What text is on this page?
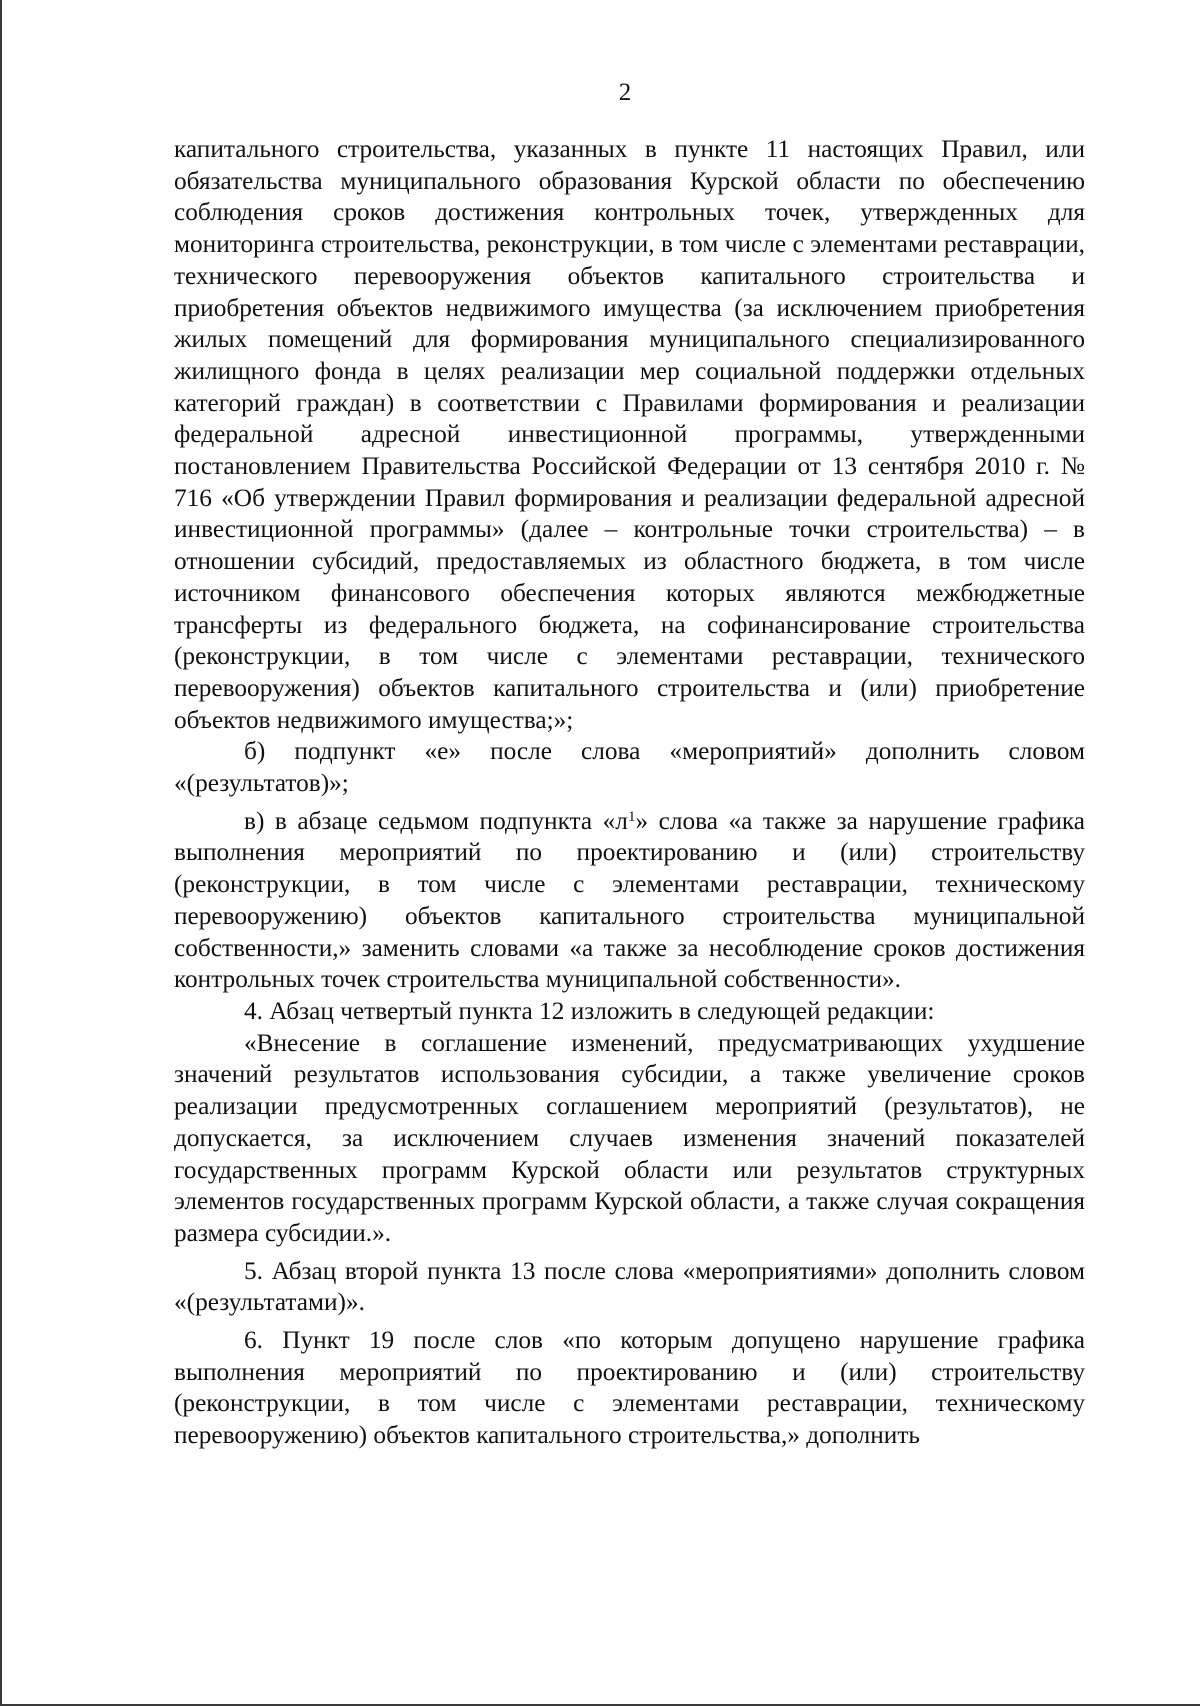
2

капитального строительства, указанных в пункте 11 настоящих Правил, или обязательства муниципального образования Курской области по обеспечению соблюдения сроков достижения контрольных точек, утвержденных для мониторинга строительства, реконструкции, в том числе с элементами реставрации, технического перевооружения объектов капитального строительства и приобретения объектов недвижимого имущества (за исключением приобретения жилых помещений для формирования муниципального специализированного жилищного фонда в целях реализации мер социальной поддержки отдельных категорий граждан) в соответствии с Правилами формирования и реализации федеральной адресной инвестиционной программы, утвержденными постановлением Правительства Российской Федерации от 13 сентября 2010 г. № 716 «Об утверждении Правил формирования и реализации федеральной адресной инвестиционной программы» (далее – контрольные точки строительства) – в отношении субсидий, предоставляемых из областного бюджета, в том числе источником финансового обеспечения которых являются межбюджетные трансферты из федерального бюджета, на софинансирование строительства (реконструкции, в том числе с элементами реставрации, технического перевооружения) объектов капитального строительства и (или) приобретение объектов недвижимого имущества;»;

б) подпункт «е» после слова «мероприятий» дополнить словом «(результатов)»;

в) в абзаце седьмом подпункта «$л^1$» слова «а также за нарушение графика выполнения мероприятий по проектированию и (или) строительству (реконструкции, в том числе с элементами реставрации, техническому перевооружению) объектов капитального строительства муниципальной собственности,» заменить словами «а также за несоблюдение сроков достижения контрольных точек строительства муниципальной собственности».

4. Абзац четвертый пункта 12 изложить в следующей редакции:

«Внесение в соглашение изменений, предусматривающих ухудшение значений результатов использования субсидии, а также увеличение сроков реализации предусмотренных соглашением мероприятий (результатов), не допускается, за исключением случаев изменения значений показателей государственных программ Курской области или результатов структурных элементов государственных программ Курской области, а также случая сокращения размера субсидии.».

5. Абзац второй пункта 13 после слова «мероприятиями» дополнить словом «(результатами)».

6. Пункт 19 после слов «по которым допущено нарушение графика выполнения мероприятий по проектированию и (или) строительству (реконструкции, в том числе с элементами реставрации, техническому перевооружению) объектов капитального строительства,» дополнить
